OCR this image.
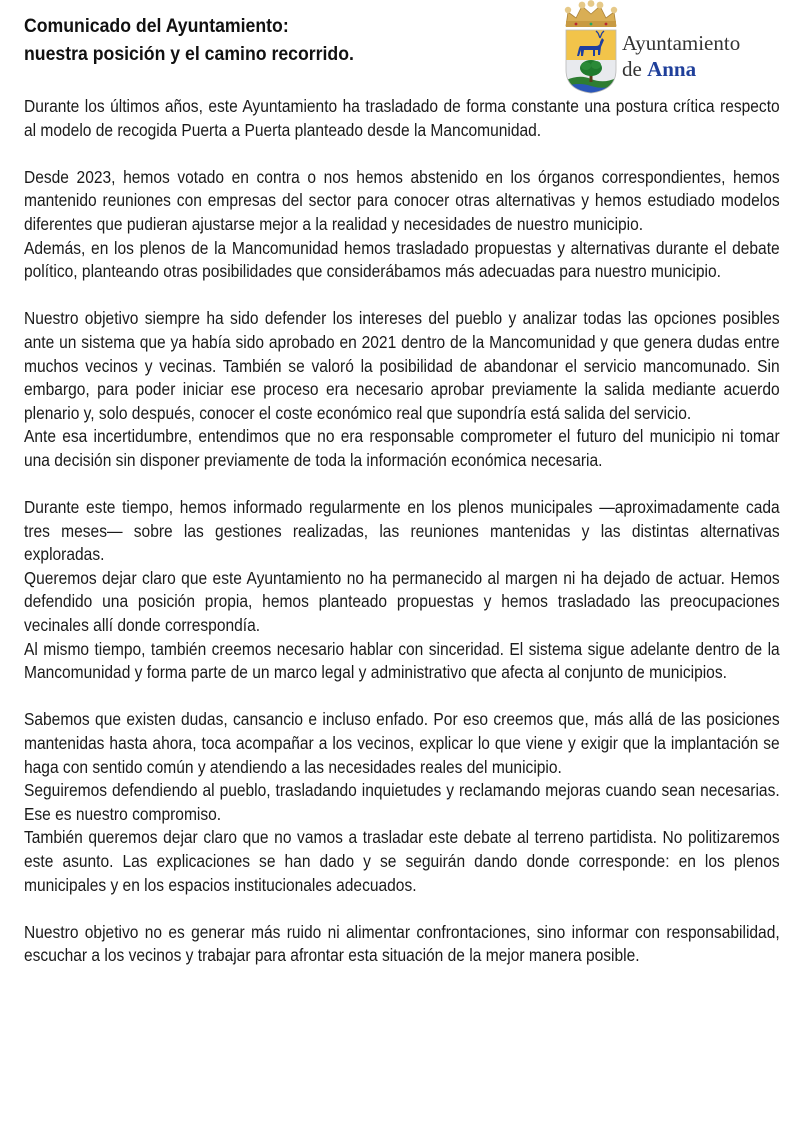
Comunicado del Ayuntamiento:
nuestra posición y el camino recorrido.	Ayuntamiento
de Anna

Durante los últimos años, este Ayuntamiento ha trasladado de forma constante una postura crítica respecto al modelo de recogida Puerta a Puerta planteado desde la Mancomunidad.

Desde 2023, hemos votado en contra o nos hemos abstenido en los órganos correspondientes, hemos mantenido reuniones con empresas del sector para conocer otras alternativas y hemos estudiado modelos diferentes que pudieran ajustarse mejor a la realidad y necesidades de nuestro municipio.

Además, en los plenos de la Mancomunidad hemos trasladado propuestas y alternativas durante el debate político, planteando otras posibilidades que considerábamos más adecuadas para nuestro municipio.

Nuestro objetivo siempre ha sido defender los intereses del pueblo y analizar todas las opciones posibles ante un sistema que ya había sido aprobado en 2021 dentro de la Mancomunidad y que genera dudas entre muchos vecinos y vecinas. También se valoró la posibilidad de abandonar el servicio mancomunado. Sin embargo, para poder iniciar ese proceso era necesario aprobar previamente la salida mediante acuerdo plenario y, solo después, conocer el coste económico real que supondría está salida del servicio.

Ante esa incertidumbre, entendimos que no era responsable comprometer el futuro del municipio ni tomar una decisión sin disponer previamente de toda la información económica necesaria.

Durante este tiempo, hemos informado regularmente en los plenos municipales —aproximadamente cada tres meses— sobre las gestiones realizadas, las reuniones mantenidas y las distintas alternativas exploradas.

Queremos dejar claro que este Ayuntamiento no ha permanecido al margen ni ha dejado de actuar. Hemos defendido una posición propia, hemos planteado propuestas y hemos trasladado las preocupaciones vecinales allí donde correspondía.

Al mismo tiempo, también creemos necesario hablar con sinceridad. El sistema sigue adelante dentro de la Mancomunidad y forma parte de un marco legal y administrativo que afecta al conjunto de municipios.

Sabemos que existen dudas, cansancio e incluso enfado. Por eso creemos que, más allá de las posiciones mantenidas hasta ahora, toca acompañar a los vecinos, explicar lo que viene y exigir que la implantación se haga con sentido común y atendiendo a las necesidades reales del municipio.

Seguiremos defendiendo al pueblo, trasladando inquietudes y reclamando mejoras cuando sean necesarias. Ese es nuestro compromiso.

También queremos dejar claro que no vamos a trasladar este debate al terreno partidista. No politizaremos este asunto. Las explicaciones se han dado y se seguirán dando donde corresponde: en los plenos municipales y en los espacios institucionales adecuados.

Nuestro objetivo no es generar más ruido ni alimentar confrontaciones, sino informar con responsabilidad, escuchar a los vecinos y trabajar para afrontar esta situación de la mejor manera posible.
